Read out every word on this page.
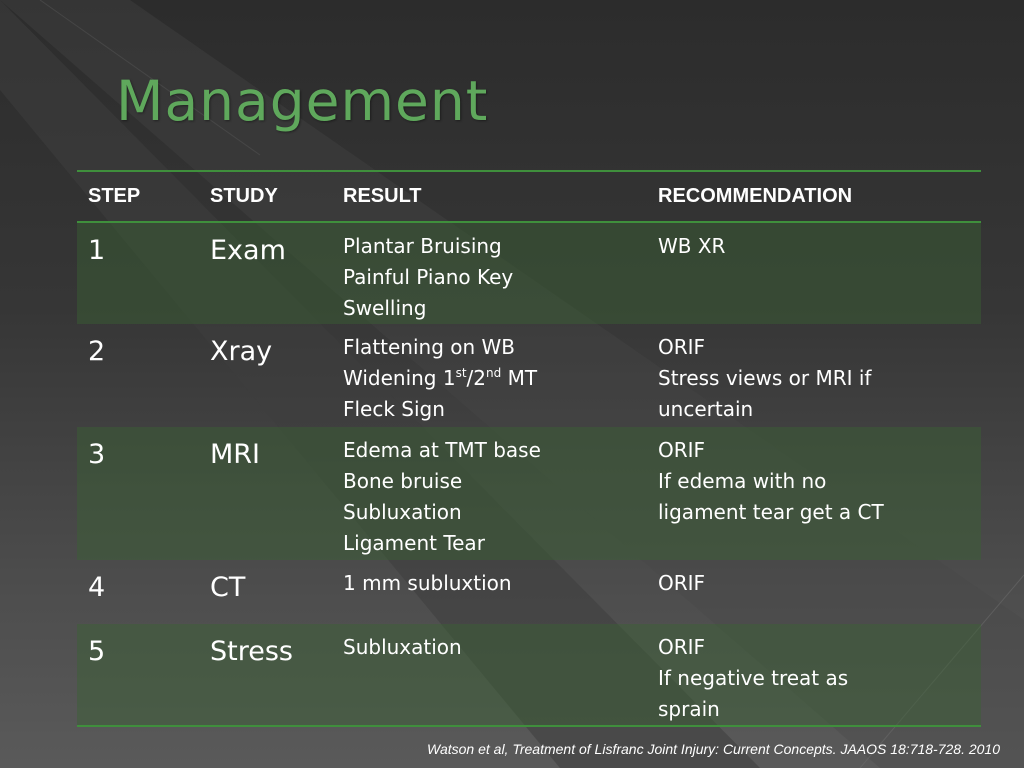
Management
STEP	STUDY	RESULT	RECOMMENDATION
1	Exam	Plantar Bruising
Painful Piano Key
Swelling	WB XR

2	Xray	Flattening on WB
Widening 1st/2nd MT
Fleck Sign	ORIF
Stress views or MRI if
uncertain

3	MRI	Edema at TMT base
Bone bruise
Subluxation
Ligament Tear	ORIF
If edema with no
ligament tear get a CT

4	CT	1 mm subluxtion	ORIF

5	Stress	Subluxation	ORIF
If negative treat as
sprain
Watson et al, Treatment of Lisfranc Joint Injury: Current Concepts. JAAOS 18:718-728. 2010
